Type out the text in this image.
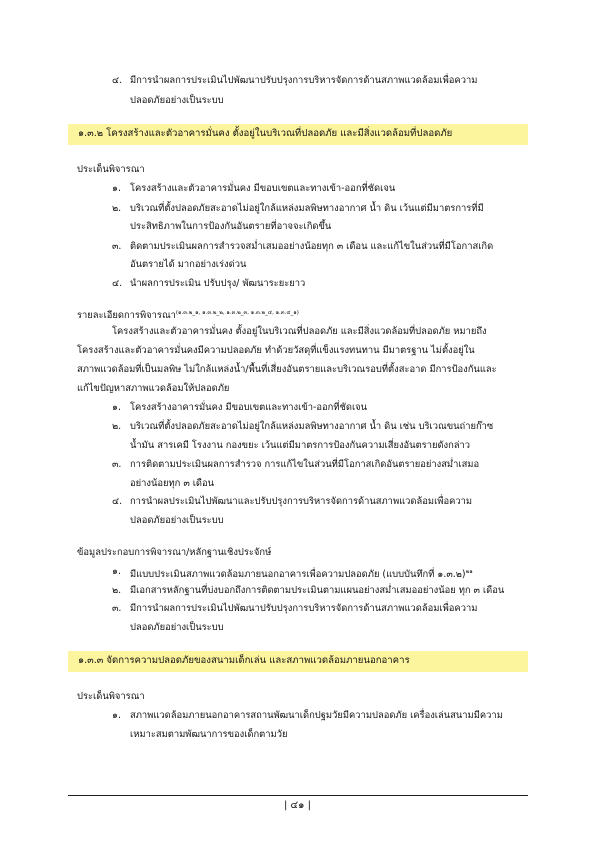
๔. มีการนำผลการประเมินไปพัฒนาปรับปรุงการบริหารจัดการด้านสภาพแวดล้อมเพื่อความ
ปลอดภัยอย่างเป็นระบบ
๑.๓.๒ โครงสร้างและตัวอาคารมั่นคง ตั้งอยู่ในบริเวณที่ปลอดภัย และมีสิ่งแวดล้อมที่ปลอดภัย
ประเด็นพิจารณา
๑. โครงสร้างและตัวอาคารมั่นคง มีขอบเขตและทางเข้า-ออกที่ชัดเจน
๒. บริเวณที่ตั้งปลอดภัยสะอาดไม่อยู่ใกล้แหล่งมลพิษทางอากาศ น้ำ ดิน เว้นแต่มีมาตรการที่มี
ประสิทธิภาพในการป้องกันอันตรายที่อาจจะเกิดขึ้น
๓. ติดตามประเมินผลการสำรวจสม่ำเสมออย่างน้อยทุก ๓ เดือน และแก้ไขในส่วนที่มีโอกาสเกิด
อันตรายได้ มากอย่างเร่งด่วน
๔. นำผลการประเมิน ปรับปรุง/ พัฒนาระยะยาว
รายละเอียดการพิจารณา$^{(๑.๓.๒\_๑, ๑.๓.๒\_๒, ๑.๓.๒\_๓, ๑.๓.๒\_๔, ๑.๓.๔\_๑)}$
โครงสร้างและตัวอาคารมั่นคง ตั้งอยู่ในบริเวณที่ปลอดภัย และมีสิ่งแวดล้อมที่ปลอดภัย หมายถึง
โครงสร้างและตัวอาคารมั่นคงมีความปลอดภัย ทำด้วยวัสดุที่แข็งแรงทนทาน มีมาตรฐาน ไม่ตั้งอยู่ใน
สภาพแวดล้อมที่เป็นมลพิษ ไม่ใกล้แหล่งน้ำ/พื้นที่เสี่ยงอันตรายและบริเวณรอบที่ตั้งสะอาด มีการป้องกันและ
แก้ไขปัญหาสภาพแวดล้อมให้ปลอดภัย
๑. โครงสร้างอาคารมั่นคง มีขอบเขตและทางเข้า-ออกที่ชัดเจน
๒. บริเวณที่ตั้งปลอดภัยสะอาดไม่อยู่ใกล้แหล่งมลพิษทางอากาศ น้ำ ดิน เช่น บริเวณขนถ่ายก๊าซ
น้ำมัน สารเคมี โรงงาน กองขยะ เว้นแต่มีมาตรการป้องกันความเสี่ยงอันตรายดังกล่าว
๓. การติดตามประเมินผลการสำรวจ การแก้ไขในส่วนที่มีโอกาสเกิดอันตรายอย่างสม่ำเสมอ
อย่างน้อยทุก ๓ เดือน
๔. การนำผลประเมินไปพัฒนาและปรับปรุงการบริหารจัดการด้านสภาพแวดล้อมเพื่อความ
ปลอดภัยอย่างเป็นระบบ
ข้อมูลประกอบการพิจารณา/หลักฐานเชิงประจักษ์
๑. มีแบบประเมินสภาพแวดล้อมภายนอกอาคารเพื่อความปลอดภัย (แบบบันทึกที่ ๑.๓.๒)$^{๒๑}$
๒. มีเอกสารหลักฐานที่บ่งบอกถึงการติดตามประเมินตามแผนอย่างสม่ำเสมออย่างน้อย ทุก ๓ เดือน
๓. มีการนำผลการประเมินไปพัฒนาปรับปรุงการบริหารจัดการด้านสภาพแวดล้อมเพื่อความ
ปลอดภัยอย่างเป็นระบบ
๑.๓.๓ จัดการความปลอดภัยของสนามเด็กเล่น และสภาพแวดล้อมภายนอกอาคาร
ประเด็นพิจารณา
๑. สภาพแวดล้อมภายนอกอาคารสถานพัฒนาเด็กปฐมวัยมีความปลอดภัย เครื่องเล่นสนามมีความ
เหมาะสมตามพัฒนาการของเด็กตามวัย
| ๔๑ |
